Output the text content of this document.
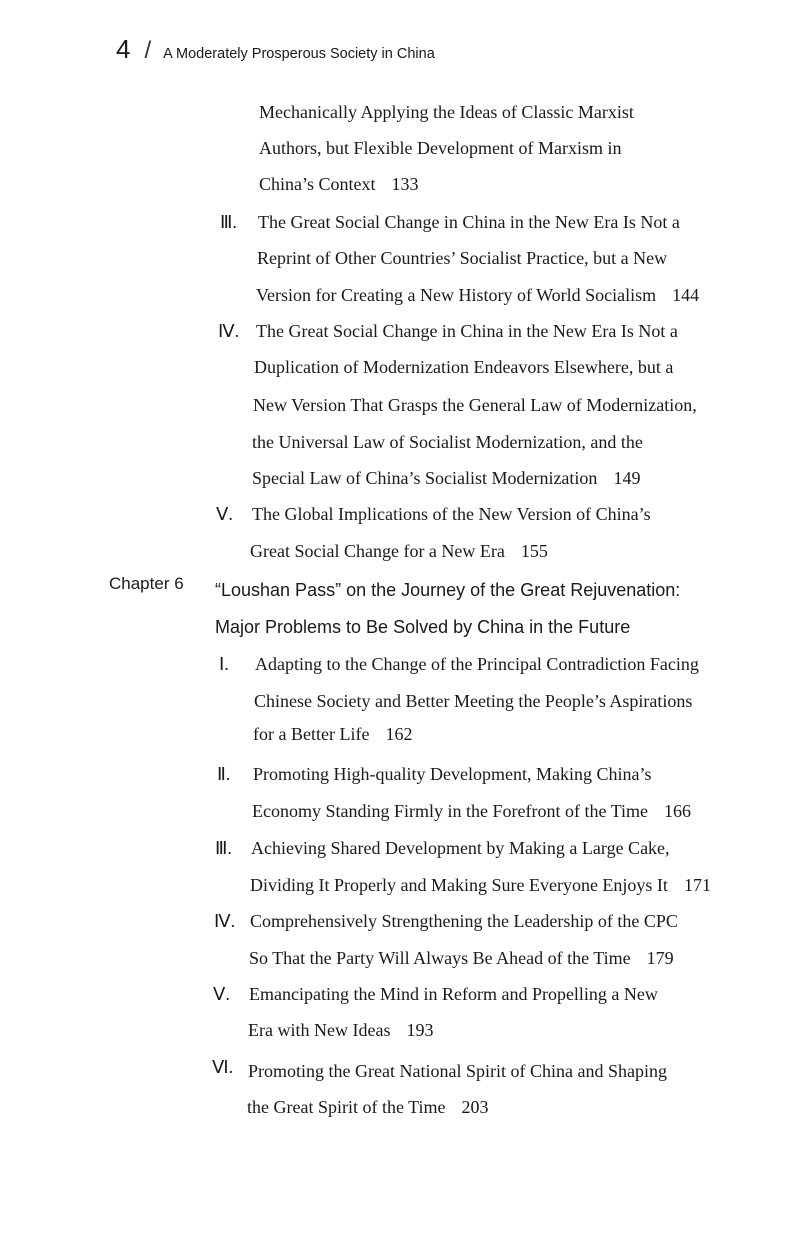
4 / A Moderately Prosperous Society in China
Mechanically Applying the Ideas of Classic Marxist
Authors, but Flexible Development of Marxism in
China’s Context 133
Ⅲ. The Great Social Change in China in the New Era Is Not a
Reprint of Other Countries’ Socialist Practice, but a New
Version for Creating a New History of World Socialism 144
Ⅳ. The Great Social Change in China in the New Era Is Not a
Duplication of Modernization Endeavors Elsewhere, but a
New Version That Grasps the General Law of Modernization,
the Universal Law of Socialist Modernization, and the
Special Law of China’s Socialist Modernization 149
Ⅴ. The Global Implications of the New Version of China’s
Great Social Change for a New Era 155
Chapter 6 “Loushan Pass” on the Journey of the Great Rejuvenation:
Major Problems to Be Solved by China in the Future
Ⅰ. Adapting to the Change of the Principal Contradiction Facing
Chinese Society and Better Meeting the People’s Aspirations
for a Better Life 162
Ⅱ. Promoting High-quality Development, Making China’s
Economy Standing Firmly in the Forefront of the Time 166
Ⅲ. Achieving Shared Development by Making a Large Cake,
Dividing It Properly and Making Sure Everyone Enjoys It 171
Ⅳ. Comprehensively Strengthening the Leadership of the CPC
So That the Party Will Always Be Ahead of the Time 179
Ⅴ. Emancipating the Mind in Reform and Propelling a New
Era with New Ideas 193
Ⅵ. Promoting the Great National Spirit of China and Shaping
the Great Spirit of the Time 203
